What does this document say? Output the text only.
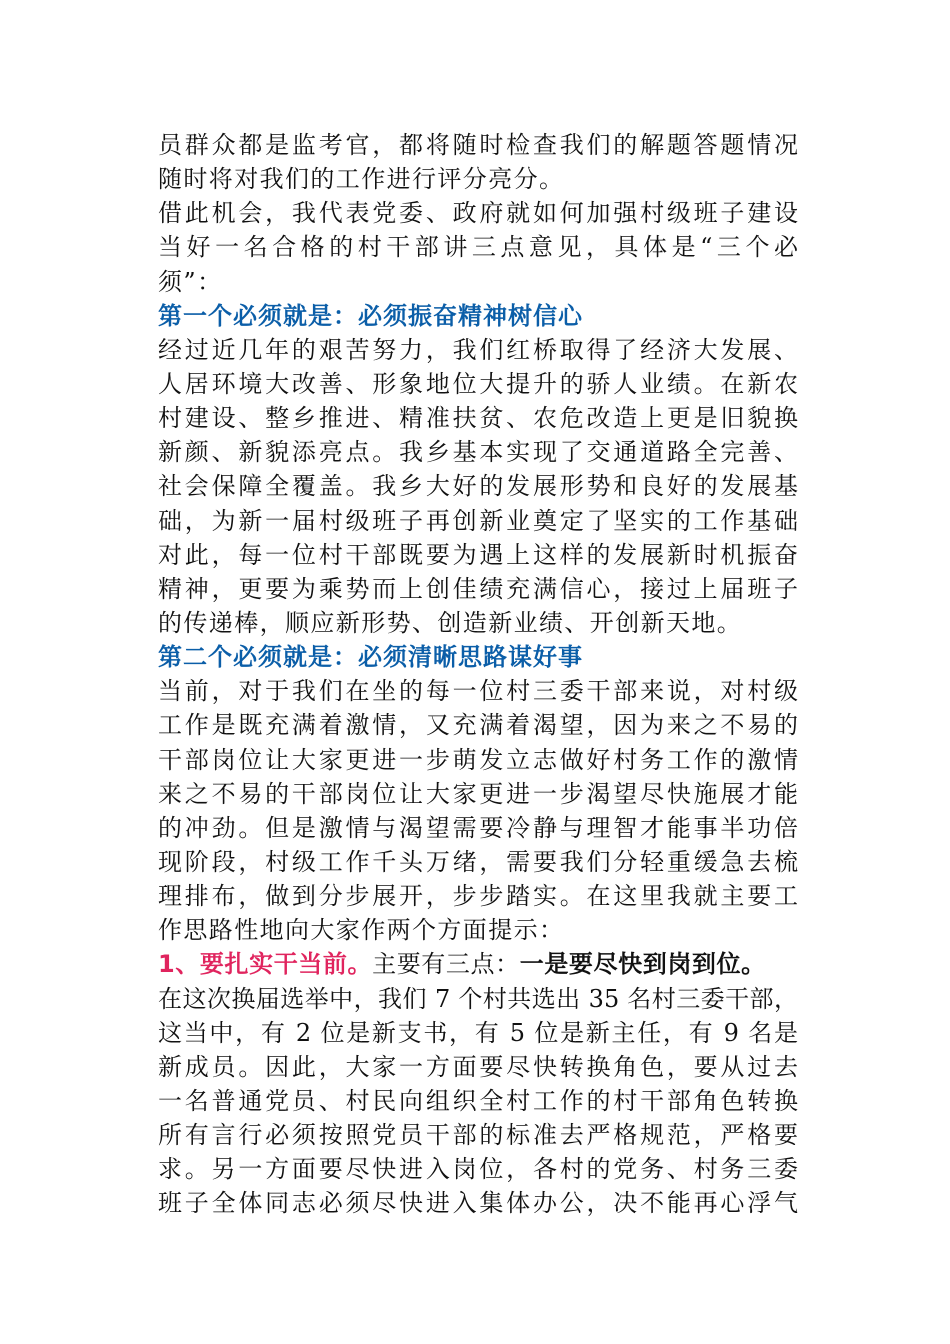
员群众都是监考官，都将随时检查我们的解题答题情况
随时将对我们的工作进行评分亮分。
借此机会，我代表党委、政府就如何加强村级班子建设
当好一名合格的村干部讲三点意见，具体是“三个必
须”：
第一个必须就是：必须振奋精神树信心
经过近几年的艰苦努力，我们红桥取得了经济大发展、
人居环境大改善、形象地位大提升的骄人业绩。在新农
村建设、整乡推进、精准扶贫、农危改造上更是旧貌换
新颜、新貌添亮点。我乡基本实现了交通道路全完善、
社会保障全覆盖。我乡大好的发展形势和良好的发展基
础，为新一届村级班子再创新业奠定了坚实的工作基础
对此，每一位村干部既要为遇上这样的发展新时机振奋
精神，更要为乘势而上创佳绩充满信心，接过上届班子
的传递棒，顺应新形势、创造新业绩、开创新天地。
第二个必须就是：必须清晰思路谋好事
当前，对于我们在坐的每一位村三委干部来说，对村级
工作是既充满着激情，又充满着渴望，因为来之不易的
干部岗位让大家更进一步萌发立志做好村务工作的激情
来之不易的干部岗位让大家更进一步渴望尽快施展才能
的冲劲。但是激情与渴望需要冷静与理智才能事半功倍
现阶段，村级工作千头万绪，需要我们分轻重缓急去梳
理排布，做到分步展开，步步踏实。在这里我就主要工
作思路性地向大家作两个方面提示：
1、要扎实干当前。主要有三点：一是要尽快到岗到位。
在这次换届选举中，我们 7 个村共选出 35 名村三委干部，
这当中，有 2 位是新支书，有 5 位是新主任，有 9 名是
新成员。因此，大家一方面要尽快转换角色，要从过去
一名普通党员、村民向组织全村工作的村干部角色转换
所有言行必须按照党员干部的标准去严格规范，严格要
求。另一方面要尽快进入岗位，各村的党务、村务三委
班子全体同志必须尽快进入集体办公，决不能再心浮气
